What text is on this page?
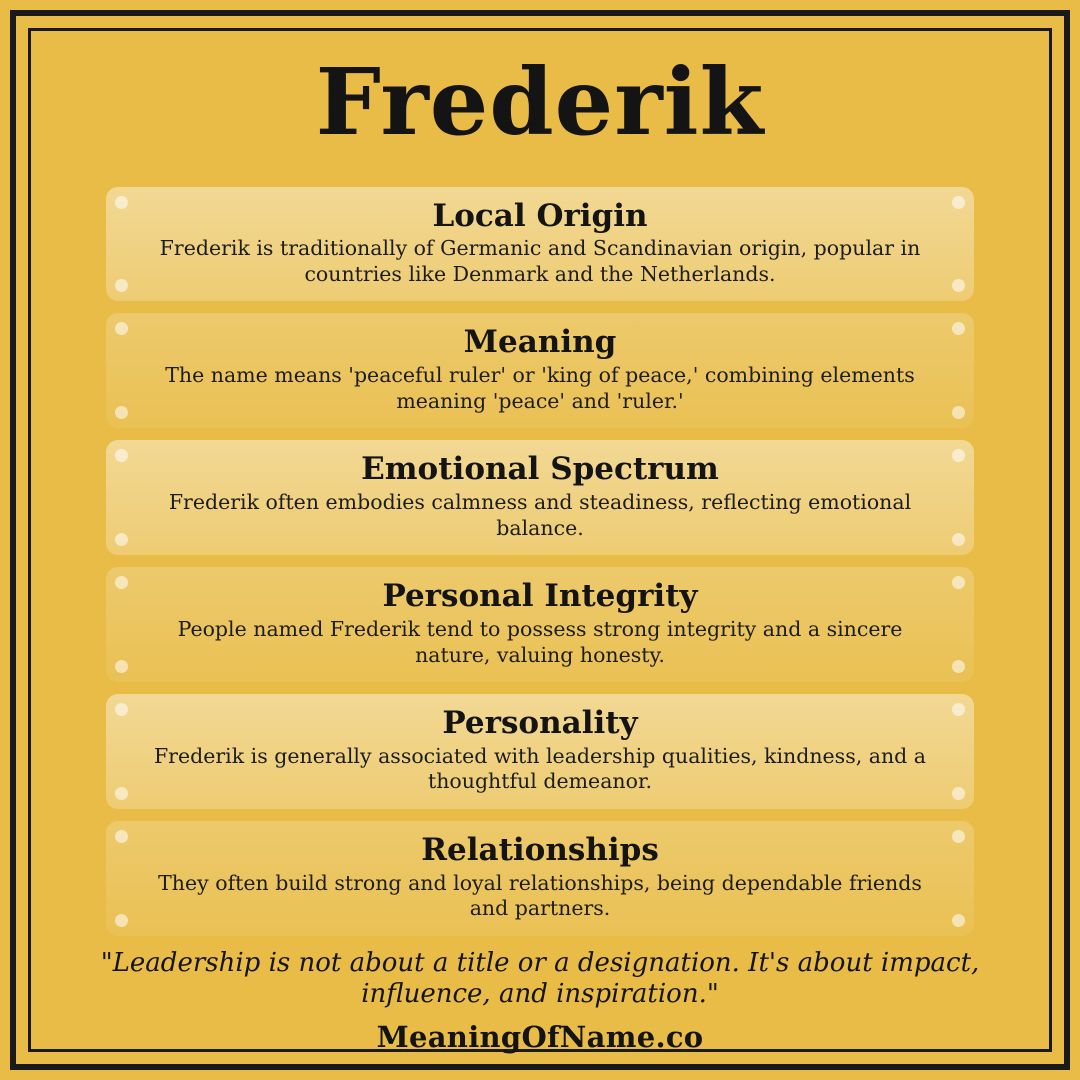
Frederik
Local Origin
Frederik is traditionally of Germanic and Scandinavian origin, popular in countries like Denmark and the Netherlands.
Meaning
The name means 'peaceful ruler' or 'king of peace,' combining elements meaning 'peace' and 'ruler.'
Emotional Spectrum
Frederik often embodies calmness and steadiness, reflecting emotional balance.
Personal Integrity
People named Frederik tend to possess strong integrity and a sincere nature, valuing honesty.
Personality
Frederik is generally associated with leadership qualities, kindness, and a thoughtful demeanor.
Relationships
They often build strong and loyal relationships, being dependable friends and partners.
"Leadership is not about a title or a designation. It's about impact, influence, and inspiration."
MeaningOfName.co
